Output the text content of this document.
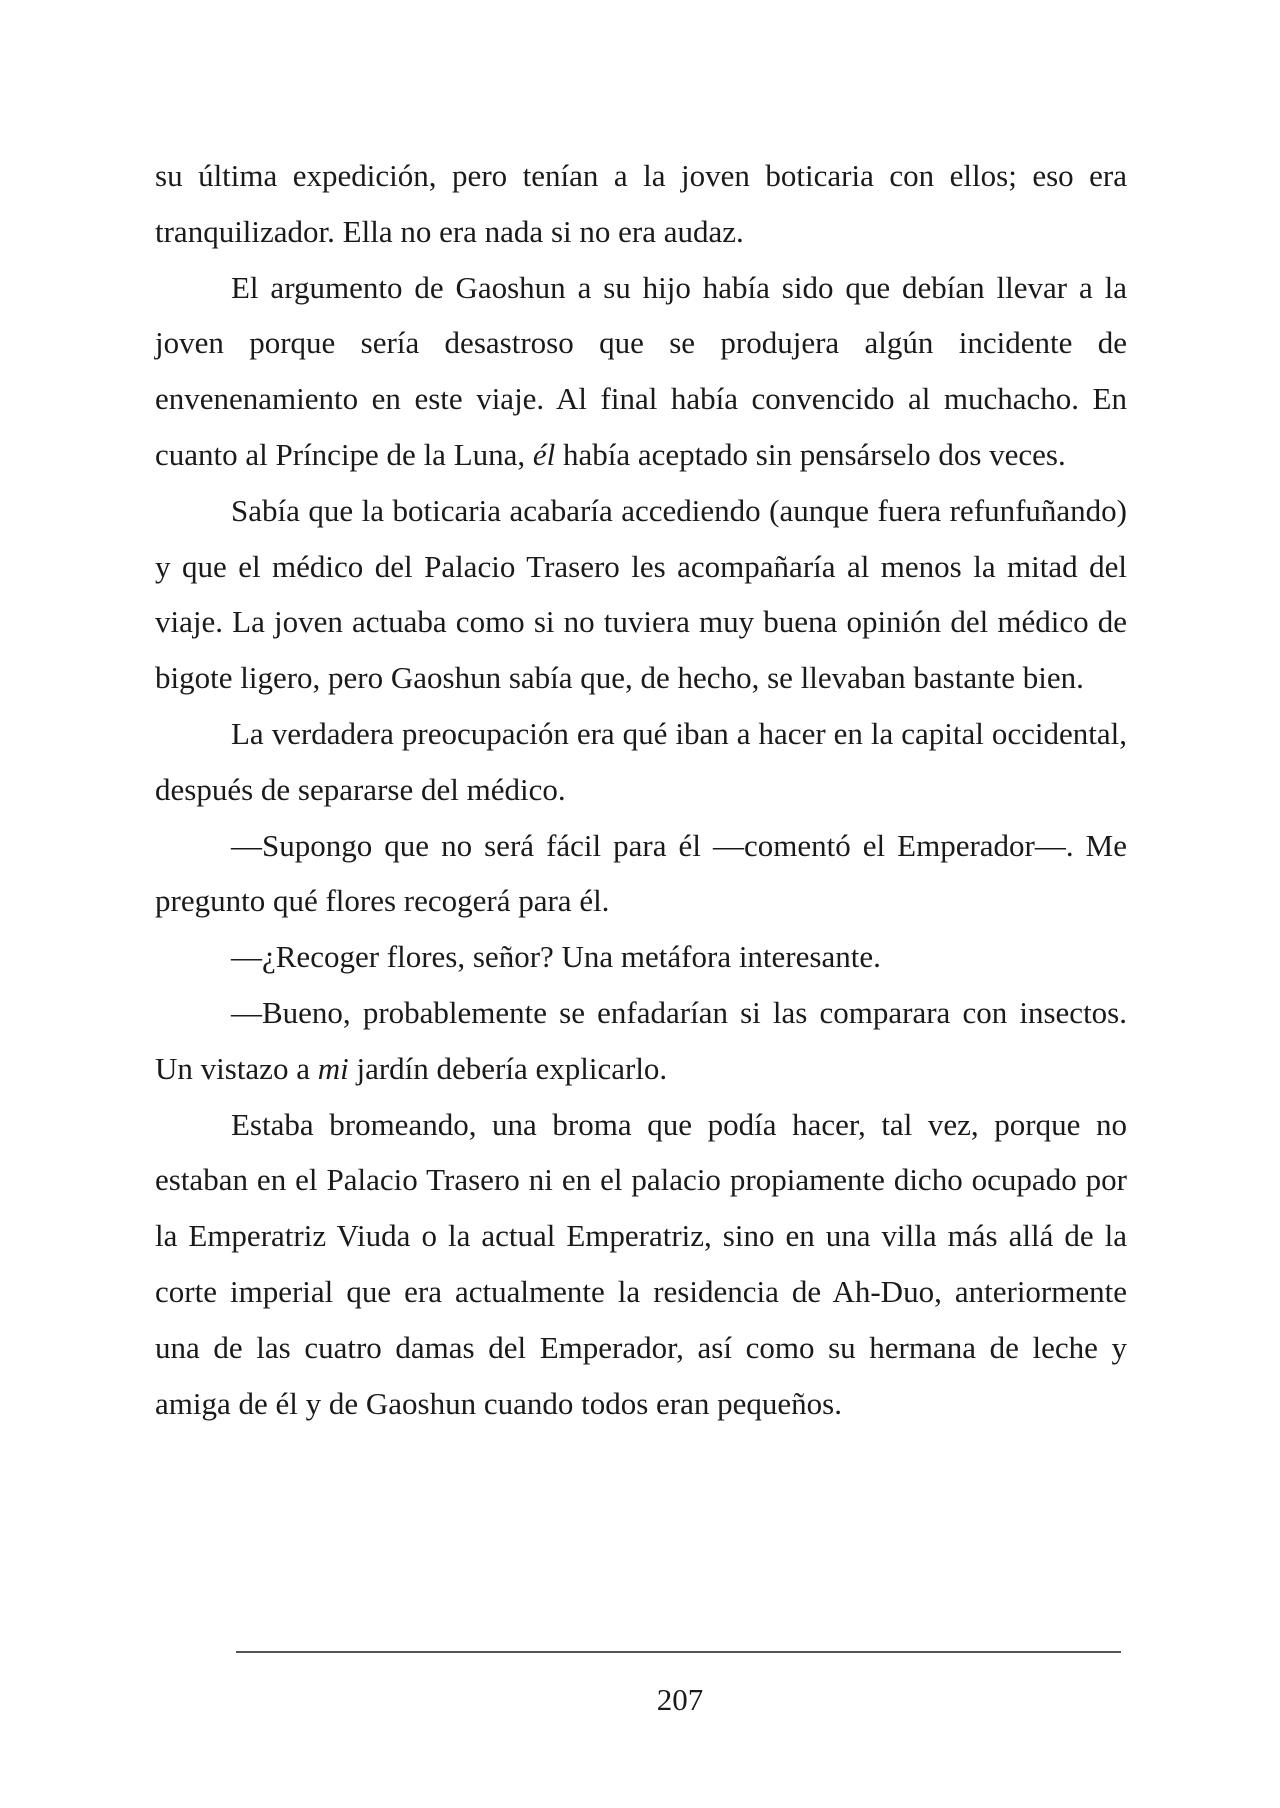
su última expedición, pero tenían a la joven boticaria con ellos; eso era tranquilizador. Ella no era nada si no era audaz.

El argumento de Gaoshun a su hijo había sido que debían llevar a la joven porque sería desastroso que se produjera algún incidente de envenenamiento en este viaje. Al final había convencido al muchacho. En cuanto al Príncipe de la Luna, él había aceptado sin pensárselo dos veces.

Sabía que la boticaria acabaría accediendo (aunque fuera refunfuñando) y que el médico del Palacio Trasero les acompañaría al menos la mitad del viaje. La joven actuaba como si no tuviera muy buena opinión del médico de bigote ligero, pero Gaoshun sabía que, de hecho, se llevaban bastante bien.

La verdadera preocupación era qué iban a hacer en la capital occidental, después de separarse del médico.

—Supongo que no será fácil para él —comentó el Emperador—. Me pregunto qué flores recogerá para él.

—¿Recoger flores, señor? Una metáfora interesante.

—Bueno, probablemente se enfadarían si las comparara con insectos. Un vistazo a mi jardín debería explicarlo.

Estaba bromeando, una broma que podía hacer, tal vez, porque no estaban en el Palacio Trasero ni en el palacio propiamente dicho ocupado por la Emperatriz Viuda o la actual Emperatriz, sino en una villa más allá de la corte imperial que era actualmente la residencia de Ah-Duo, anteriormente una de las cuatro damas del Emperador, así como su hermana de leche y amiga de él y de Gaoshun cuando todos eran pequeños.

207
